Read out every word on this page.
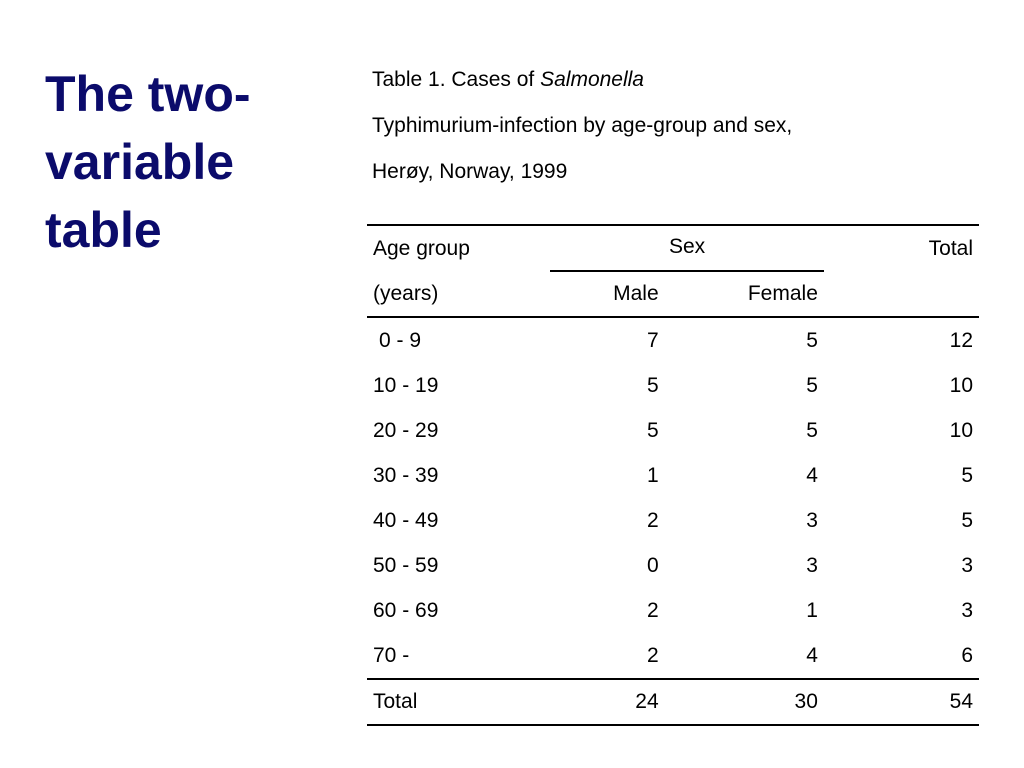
The two-
variable
table
Table 1. Cases of Salmonella
Typhimurium-infection by age-group and sex,
Herøy, Norway, 1999
Age group	Sex		Total
(years)	Male	Female	
0 - 9	7	5	12
10 - 19	5	5	10
20 - 29	5	5	10
30 - 39	1	4	5
40 - 49	2	3	5
50 - 59	0	3	3
60 - 69	2	1	3
70 -	2	4	6
Total	24	30	54
